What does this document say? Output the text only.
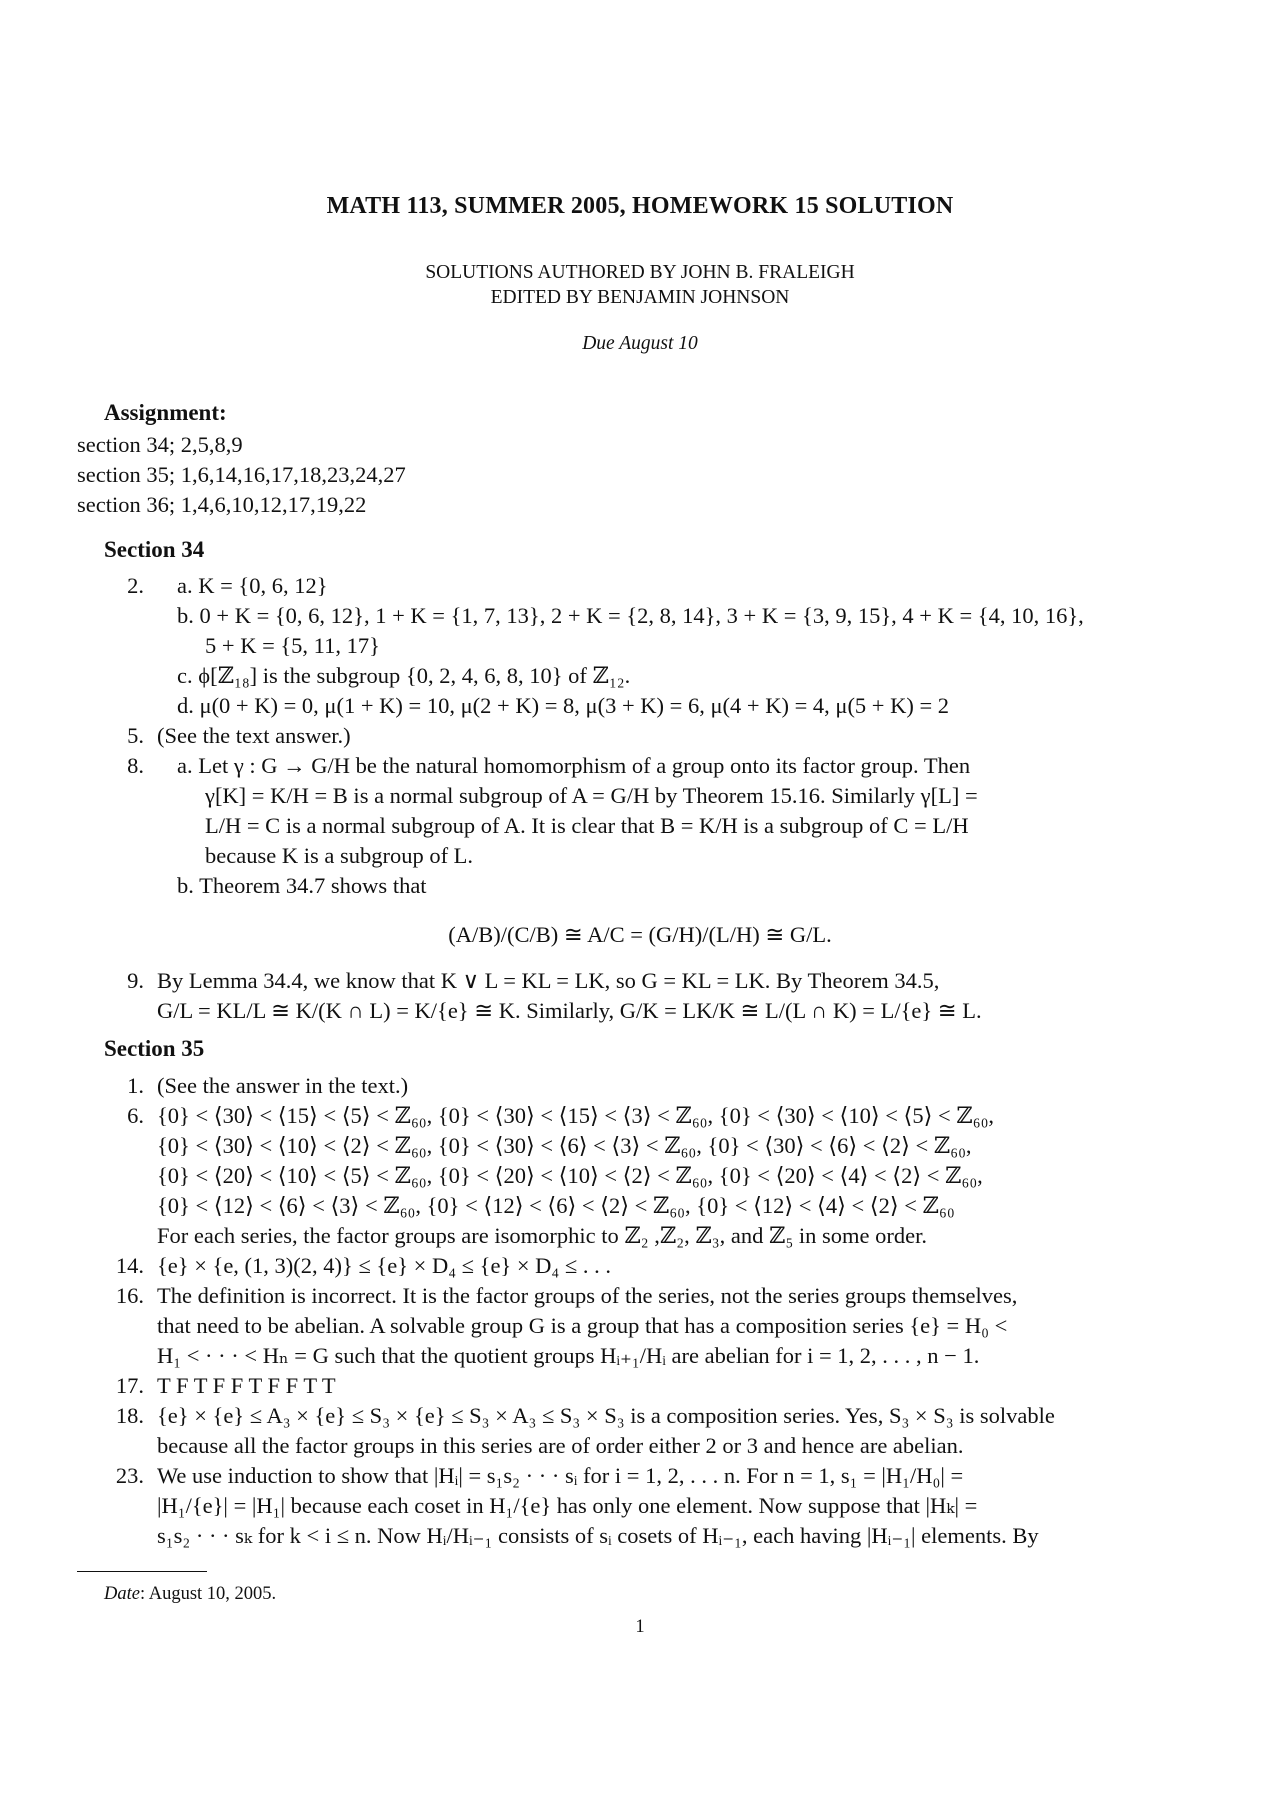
MATH 113, SUMMER 2005, HOMEWORK 15 SOLUTION
SOLUTIONS AUTHORED BY JOHN B. FRALEIGH
EDITED BY BENJAMIN JOHNSON
Due August 10
Assignment:
section 34; 2,5,8,9
section 35; 1,6,14,16,17,18,23,24,27
section 36; 1,4,6,10,12,17,19,22
Section 34
2. a. K = {0, 6, 12}
b. 0 + K = {0, 6, 12}, 1 + K = {1, 7, 13}, 2 + K = {2, 8, 14}, 3 + K = {3, 9, 15}, 4 + K = {4, 10, 16},
5 + K = {5, 11, 17}
c. ϕ[ℤ₁₈] is the subgroup {0, 2, 4, 6, 8, 10} of ℤ₁₂.
d. μ(0 + K) = 0, μ(1 + K) = 10, μ(2 + K) = 8, μ(3 + K) = 6, μ(4 + K) = 4, μ(5 + K) = 2
5. (See the text answer.)
8. a. Let γ : G → G/H be the natural homomorphism of a group onto its factor group. Then
γ[K] = K/H = B is a normal subgroup of A = G/H by Theorem 15.16. Similarly γ[L] =
L/H = C is a normal subgroup of A. It is clear that B = K/H is a subgroup of C = L/H
because K is a subgroup of L.
b. Theorem 34.7 shows that
(A/B)/(C/B) ≅ A/C = (G/H)/(L/H) ≅ G/L.
9. By Lemma 34.4, we know that K ∨ L = KL = LK, so G = KL = LK. By Theorem 34.5,
G/L = KL/L ≅ K/(K ∩ L) = K/{e} ≅ K. Similarly, G/K = LK/K ≅ L/(L ∩ K) = L/{e} ≅ L.
Section 35
1. (See the answer in the text.)
6. {0} < ⟨30⟩ < ⟨15⟩ < ⟨5⟩ < ℤ₆₀, {0} < ⟨30⟩ < ⟨15⟩ < ⟨3⟩ < ℤ₆₀, {0} < ⟨30⟩ < ⟨10⟩ < ⟨5⟩ < ℤ₆₀,
{0} < ⟨30⟩ < ⟨10⟩ < ⟨2⟩ < ℤ₆₀, {0} < ⟨30⟩ < ⟨6⟩ < ⟨3⟩ < ℤ₆₀, {0} < ⟨30⟩ < ⟨6⟩ < ⟨2⟩ < ℤ₆₀,
{0} < ⟨20⟩ < ⟨10⟩ < ⟨5⟩ < ℤ₆₀, {0} < ⟨20⟩ < ⟨10⟩ < ⟨2⟩ < ℤ₆₀, {0} < ⟨20⟩ < ⟨4⟩ < ⟨2⟩ < ℤ₆₀,
{0} < ⟨12⟩ < ⟨6⟩ < ⟨3⟩ < ℤ₆₀, {0} < ⟨12⟩ < ⟨6⟩ < ⟨2⟩ < ℤ₆₀, {0} < ⟨12⟩ < ⟨4⟩ < ⟨2⟩ < ℤ₆₀
For each series, the factor groups are isomorphic to ℤ₂ ,ℤ₂, ℤ₃, and ℤ₅ in some order.
14. {e} × {e, (1, 3)(2, 4)} ≤ {e} × D₄ ≤ {e} × D₄ ≤ . . .
16. The definition is incorrect. It is the factor groups of the series, not the series groups themselves,
that need to be abelian. A solvable group G is a group that has a composition series {e} = H₀ <
H₁ < · · · < Hₙ = G such that the quotient groups Hᵢ₊₁/Hᵢ are abelian for i = 1, 2, . . . , n − 1.
17. T F T F F T F F T T
18. {e} × {e} ≤ A₃ × {e} ≤ S₃ × {e} ≤ S₃ × A₃ ≤ S₃ × S₃ is a composition series. Yes, S₃ × S₃ is solvable
because all the factor groups in this series are of order either 2 or 3 and hence are abelian.
23. We use induction to show that |Hᵢ| = s₁s₂ · · · sᵢ for i = 1, 2, . . . n. For n = 1, s₁ = |H₁/H₀| =
|H₁/{e}| = |H₁| because each coset in H₁/{e} has only one element. Now suppose that |Hₖ| =
s₁s₂ · · · sₖ for k < i ≤ n. Now Hᵢ/Hᵢ₋₁ consists of sᵢ cosets of Hᵢ₋₁, each having |Hᵢ₋₁| elements. By
Date: August 10, 2005.
1
